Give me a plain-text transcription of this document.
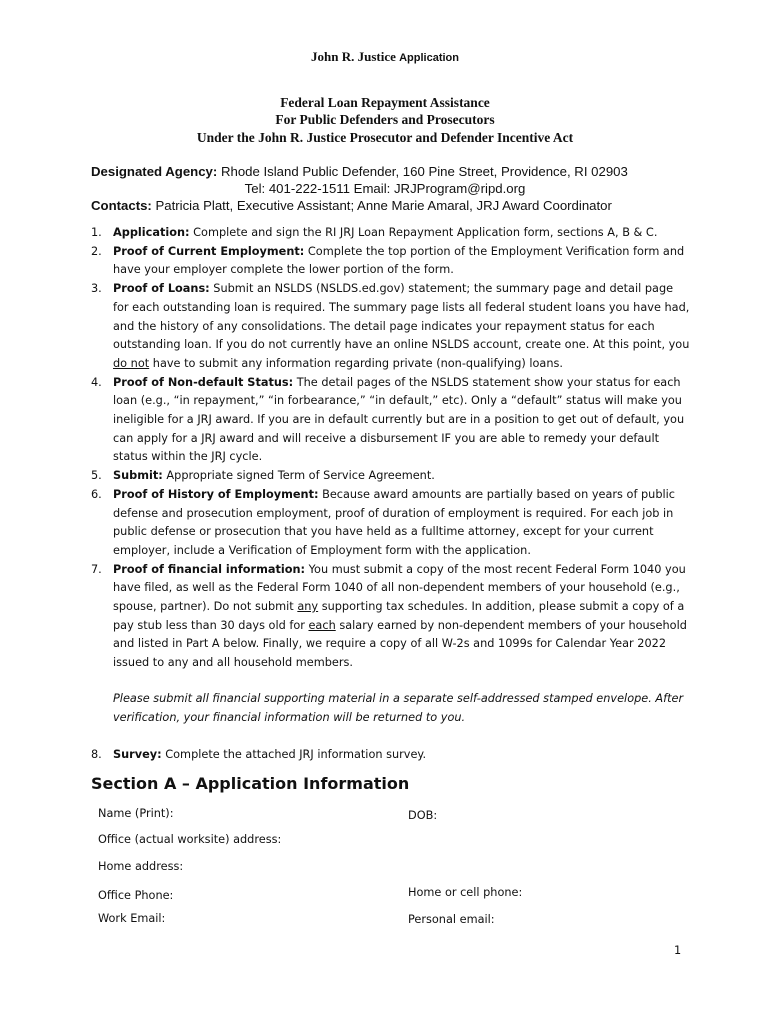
John R. Justice Application
Federal Loan Repayment Assistance
For Public Defenders and Prosecutors
Under the John R. Justice Prosecutor and Defender Incentive Act
Designated Agency: Rhode Island Public Defender, 160 Pine Street, Providence, RI 02903
Tel: 401-222-1511 Email: JRJProgram@ripd.org
Contacts: Patricia Platt, Executive Assistant; Anne Marie Amaral, JRJ Award Coordinator
1. Application: Complete and sign the RI JRJ Loan Repayment Application form, sections A, B & C.
2. Proof of Current Employment: Complete the top portion of the Employment Verification form and have your employer complete the lower portion of the form.
3. Proof of Loans: Submit an NSLDS (NSLDS.ed.gov) statement; the summary page and detail page for each outstanding loan is required. The summary page lists all federal student loans you have had, and the history of any consolidations. The detail page indicates your repayment status for each outstanding loan. If you do not currently have an online NSLDS account, create one. At this point, you do not have to submit any information regarding private (non-qualifying) loans.
4. Proof of Non-default Status: The detail pages of the NSLDS statement show your status for each loan (e.g., “in repayment,” “in forbearance,” “in default,” etc). Only a “default” status will make you ineligible for a JRJ award. If you are in default currently but are in a position to get out of default, you can apply for a JRJ award and will receive a disbursement IF you are able to remedy your default status within the JRJ cycle.
5. Submit: Appropriate signed Term of Service Agreement.
6. Proof of History of Employment: Because award amounts are partially based on years of public defense and prosecution employment, proof of duration of employment is required. For each job in public defense or prosecution that you have held as a fulltime attorney, except for your current employer, include a Verification of Employment form with the application.
7. Proof of financial information: You must submit a copy of the most recent Federal Form 1040 you have filed, as well as the Federal Form 1040 of all non-dependent members of your household (e.g., spouse, partner). Do not submit any supporting tax schedules. In addition, please submit a copy of a pay stub less than 30 days old for each salary earned by non-dependent members of your household and listed in Part A below. Finally, we require a copy of all W-2s and 1099s for Calendar Year 2022 issued to any and all household members.
Please submit all financial supporting material in a separate self-addressed stamped envelope. After verification, your financial information will be returned to you.
8. Survey: Complete the attached JRJ information survey.
Section A – Application Information
Name (Print):	DOB:
Office (actual worksite) address:
Home address:
Office Phone:	Home or cell phone:
Work Email:	Personal email:
1
